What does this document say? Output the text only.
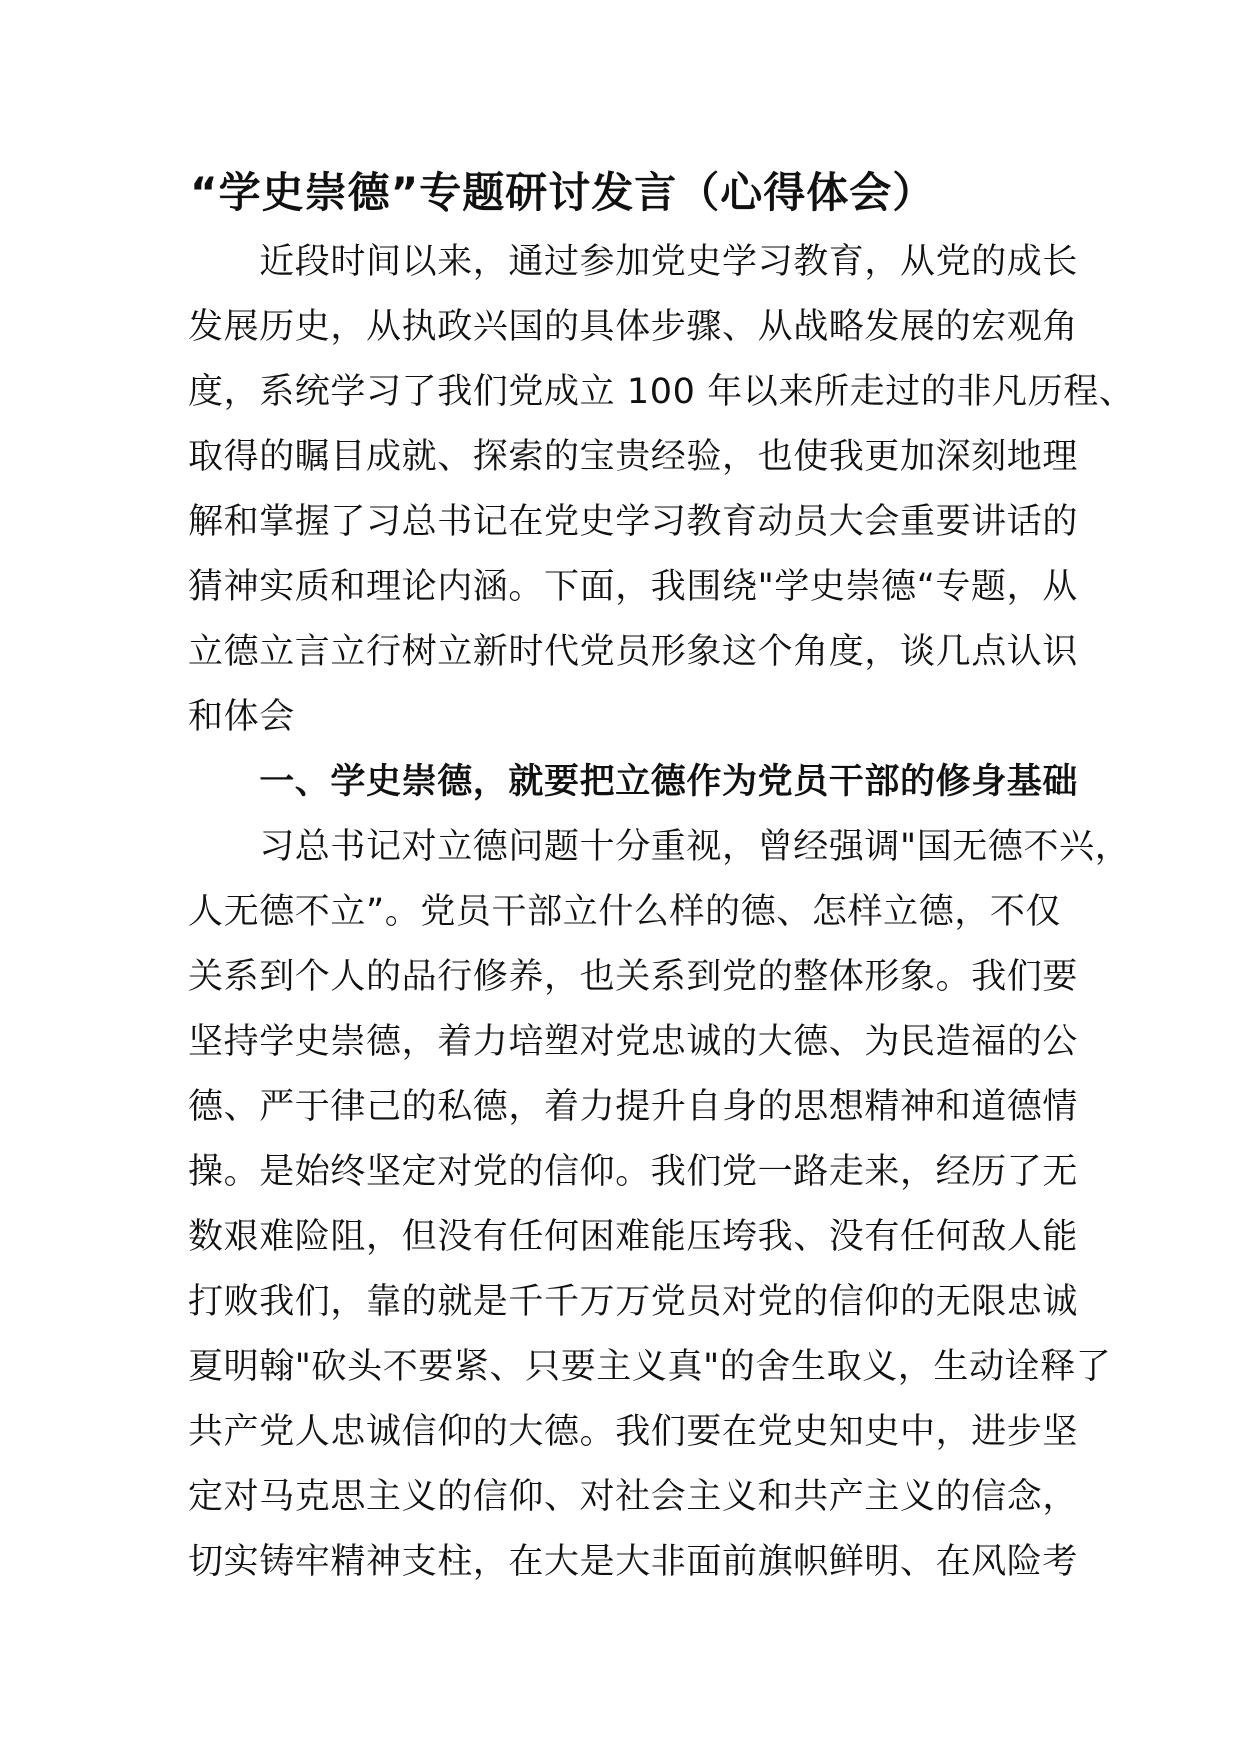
“学史崇德”专题研讨发言（心得体会）
　　近段时间以来，通过参加党史学习教育，从党的成长
发展历史，从执政兴国的具体步骤、从战略发展的宏观角
度，系统学习了我们党成立 100 年以来所走过的非凡历程、
取得的瞩目成就、探索的宝贵经验，也使我更加深刻地理
解和掌握了习总书记在党史学习教育动员大会重要讲话的
猜神实质和理论内涵。下面，我围绕"学史崇德“专题，从
立德立言立行树立新时代党员形象这个角度，谈几点认识
和体会
　　一、学史崇德，就要把立德作为党员干部的修身基础
　　习总书记对立德问题十分重视，曾经强调"国无德不兴，
人无德不立”。党员干部立什么样的德、怎样立德，不仅
关系到个人的品行修养，也关系到党的整体形象。我们要
坚持学史崇德，着力培塑对党忠诚的大德、为民造福的公
德、严于律己的私德，着力提升自身的思想精神和道德情
操。是始终坚定对党的信仰。我们党一路走来，经历了无
数艰难险阻，但没有任何困难能压垮我、没有任何敌人能
打败我们，靠的就是千千万万党员对党的信仰的无限忠诚
夏明翰"砍头不要紧、只要主义真"的舍生取义，生动诠释了
共产党人忠诚信仰的大德。我们要在党史知史中，进步坚
定对马克思主义的信仰、对社会主义和共产主义的信念，
切实铸牢精神支柱，在大是大非面前旗帜鲜明、在风险考
